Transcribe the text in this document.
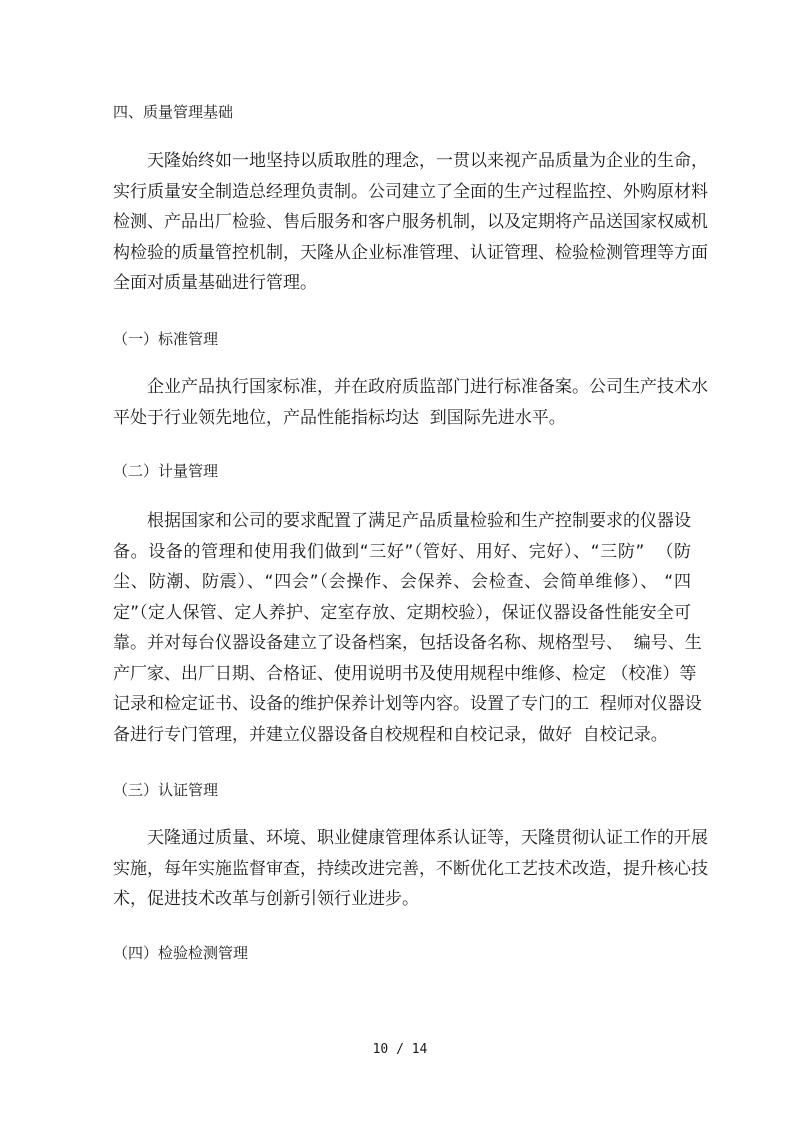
四、质量管理基础
天隆始终如一地坚持以质取胜的理念，一贯以来视产品质量为企业的生命，
实行质量安全制造总经理负责制。公司建立了全面的生产过程监控、外购原材料
检测、产品出厂检验、售后服务和客户服务机制，以及定期将产品送国家权威机
构检验的质量管控机制，天隆从企业标准管理、认证管理、检验检测管理等方面
全面对质量基础进行管理。
（一）标准管理
企业产品执行国家标准，并在政府质监部门进行标准备案。公司生产技术水
平处于行业领先地位，产品性能指标均达  到国际先进水平。
（二）计量管理
根据国家和公司的要求配置了满足产品质量检验和生产控制要求的仪器设
备。设备的管理和使用我们做到“三好”（管好、用好、完好）、“三防”  （防
尘、防潮、防震）、“四会”（会操作、会保养、会检查、会简单维修）、 “四
定”（定人保管、定人养护、定室存放、定期校验），保证仪器设备性能安全可
靠。并对每台仪器设备建立了设备档案，包括设备名称、规格型号、  编号、生
产厂家、出厂日期、合格证、使用说明书及使用规程中维修、检定 （校准）等
记录和检定证书、设备的维护保养计划等内容。设置了专门的工  程师对仪器设
备进行专门管理，并建立仪器设备自校规程和自校记录，做好  自校记录。
（三）认证管理
天隆通过质量、环境、职业健康管理体系认证等，天隆贯彻认证工作的开展
实施，每年实施监督审查，持续改进完善，不断优化工艺技术改造，提升核心技
术，促进技术改革与创新引领行业进步。
（四）检验检测管理
10 / 14
